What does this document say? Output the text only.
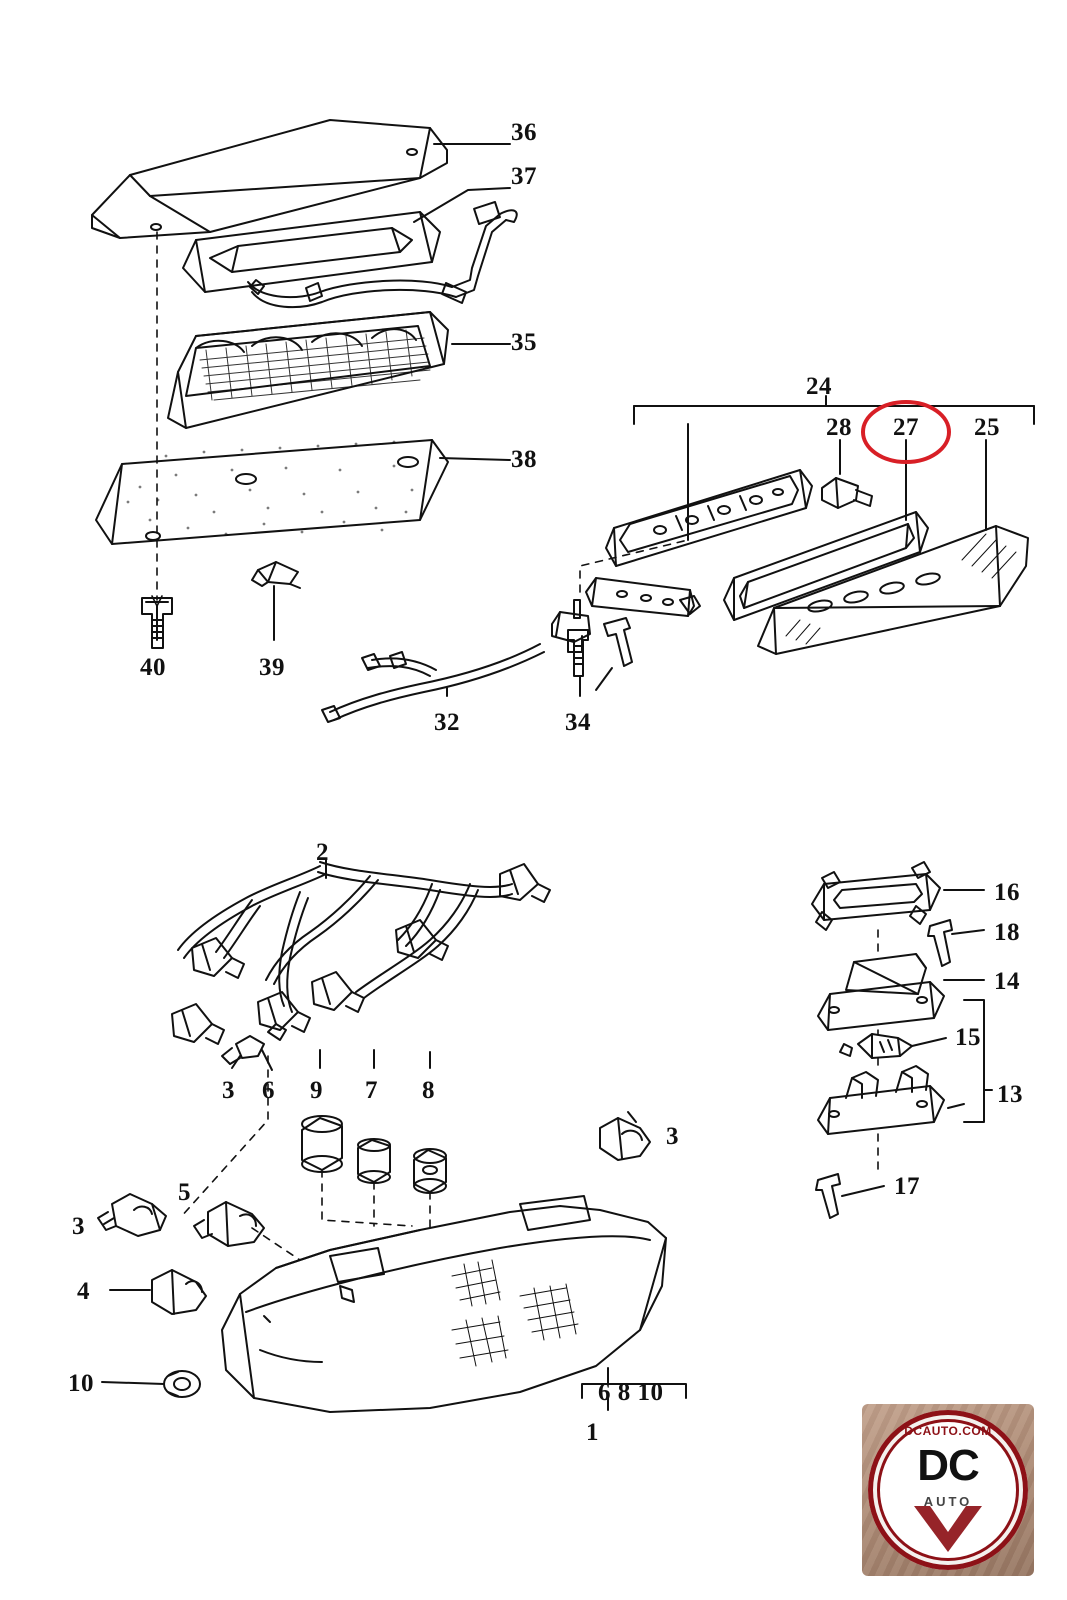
36
37
35
38
40	39
32	34
24
28 27 25
2
3 6 9 7 8
3
5
3
4
10
1
6 8 10
16
18
14
15
13
17
DCAUTO.COM
DC
AUTO
